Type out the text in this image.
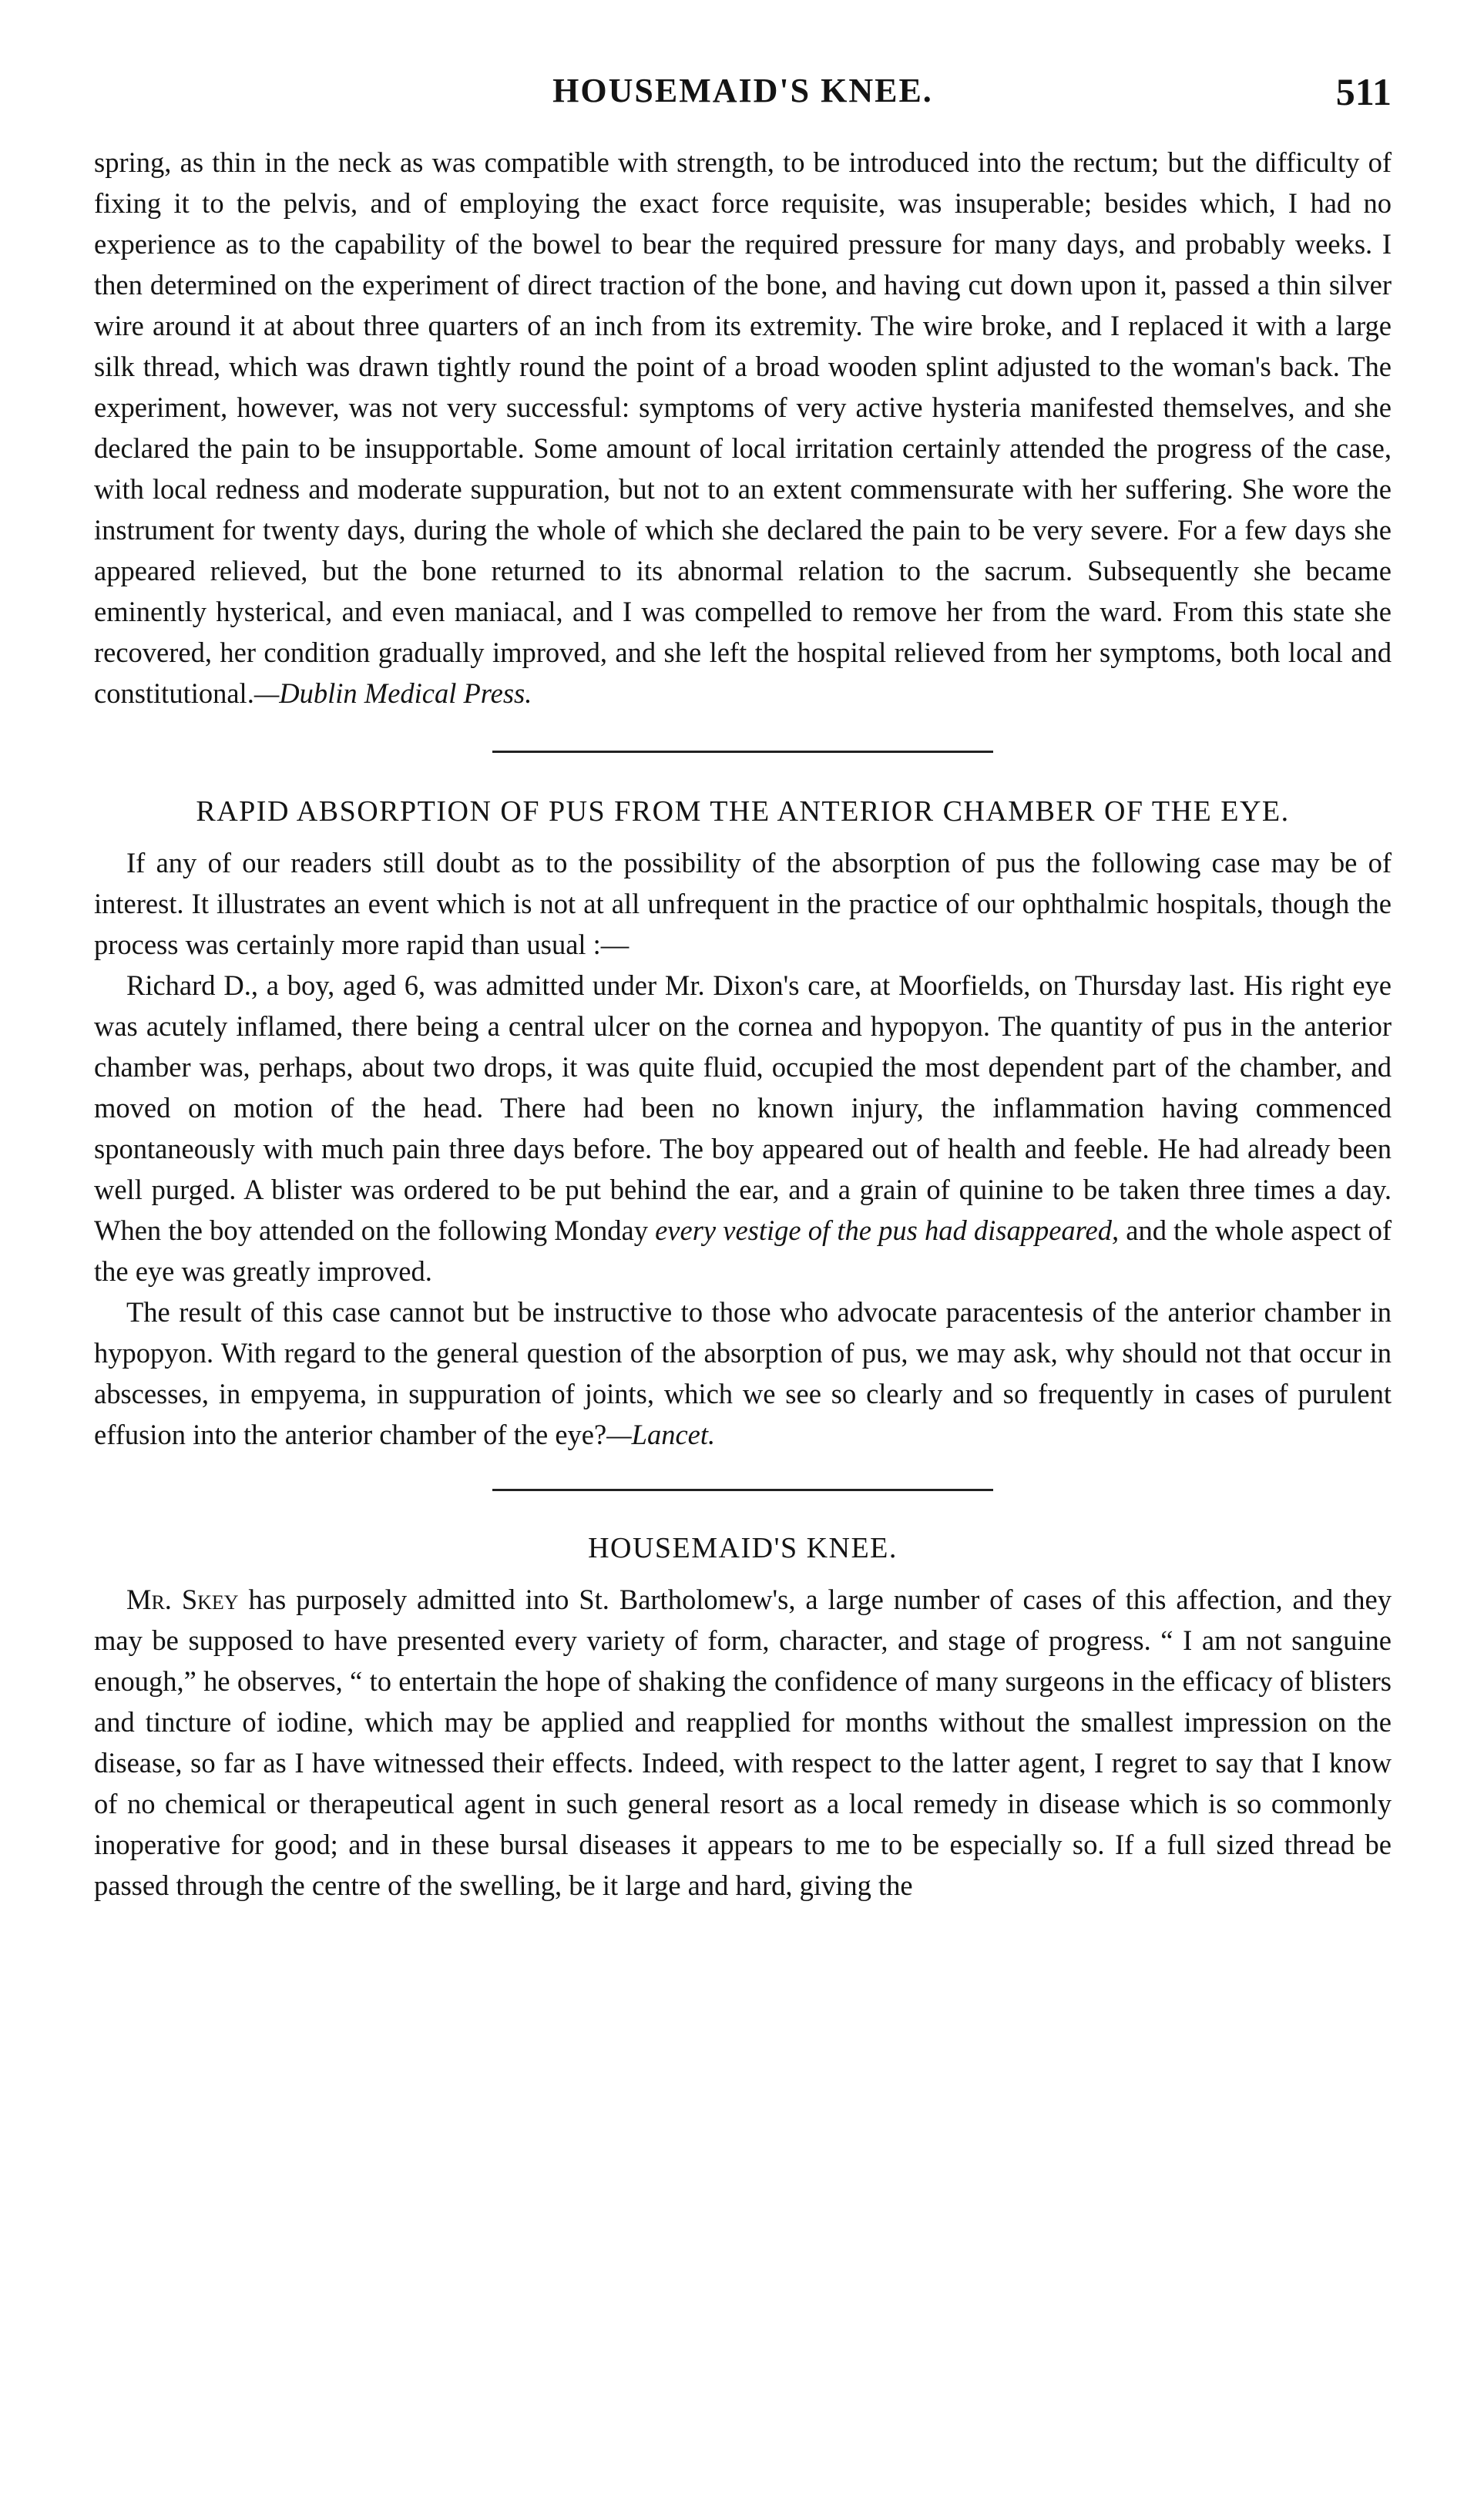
HOUSEMAID'S KNEE.	511

spring, as thin in the neck as was compatible with strength, to be introduced into the rectum; but the difficulty of fixing it to the pelvis, and of employing the exact force requisite, was insuperable; besides which, I had no experience as to the capability of the bowel to bear the required pressure for many days, and probably weeks. I then determined on the experiment of direct traction of the bone, and having cut down upon it, passed a thin silver wire around it at about three quarters of an inch from its extremity. The wire broke, and I replaced it with a large silk thread, which was drawn tightly round the point of a broad wooden splint adjusted to the woman's back. The experiment, however, was not very successful: symptoms of very active hysteria manifested themselves, and she declared the pain to be insupportable. Some amount of local irritation certainly attended the progress of the case, with local redness and moderate suppuration, but not to an extent commensurate with her suffering. She wore the instrument for twenty days, during the whole of which she declared the pain to be very severe. For a few days she appeared relieved, but the bone returned to its abnormal relation to the sacrum. Subsequently she became eminently hysterical, and even maniacal, and I was compelled to remove her from the ward. From this state she recovered, her condition gradually improved, and she left the hospital relieved from her symptoms, both local and constitutional.—Dublin Medical Press.

RAPID ABSORPTION OF PUS FROM THE ANTERIOR CHAMBER OF THE EYE.

If any of our readers still doubt as to the possibility of the absorption of pus the following case may be of interest. It illustrates an event which is not at all unfrequent in the practice of our ophthalmic hospitals, though the process was certainly more rapid than usual :—

Richard D., a boy, aged 6, was admitted under Mr. Dixon's care, at Moorfields, on Thursday last. His right eye was acutely inflamed, there being a central ulcer on the cornea and hypopyon. The quantity of pus in the anterior chamber was, perhaps, about two drops, it was quite fluid, occupied the most dependent part of the chamber, and moved on motion of the head. There had been no known injury, the inflammation having commenced spontaneously with much pain three days before. The boy appeared out of health and feeble. He had already been well purged. A blister was ordered to be put behind the ear, and a grain of quinine to be taken three times a day. When the boy attended on the following Monday every vestige of the pus had disappeared, and the whole aspect of the eye was greatly improved.

The result of this case cannot but be instructive to those who advocate paracentesis of the anterior chamber in hypopyon. With regard to the general question of the absorption of pus, we may ask, why should not that occur in abscesses, in empyema, in suppuration of joints, which we see so clearly and so frequently in cases of purulent effusion into the anterior chamber of the eye?—Lancet.

HOUSEMAID'S KNEE.

Mr. Skey has purposely admitted into St. Bartholomew's, a large number of cases of this affection, and they may be supposed to have presented every variety of form, character, and stage of progress. “ I am not sanguine enough,” he observes, “ to entertain the hope of shaking the confidence of many surgeons in the efficacy of blisters and tincture of iodine, which may be applied and reapplied for months without the smallest impression on the disease, so far as I have witnessed their effects. Indeed, with respect to the latter agent, I regret to say that I know of no chemical or therapeutical agent in such general resort as a local remedy in disease which is so commonly inoperative for good; and in these bursal diseases it appears to me to be especially so. If a full sized thread be passed through the centre of the swelling, be it large and hard, giving the
